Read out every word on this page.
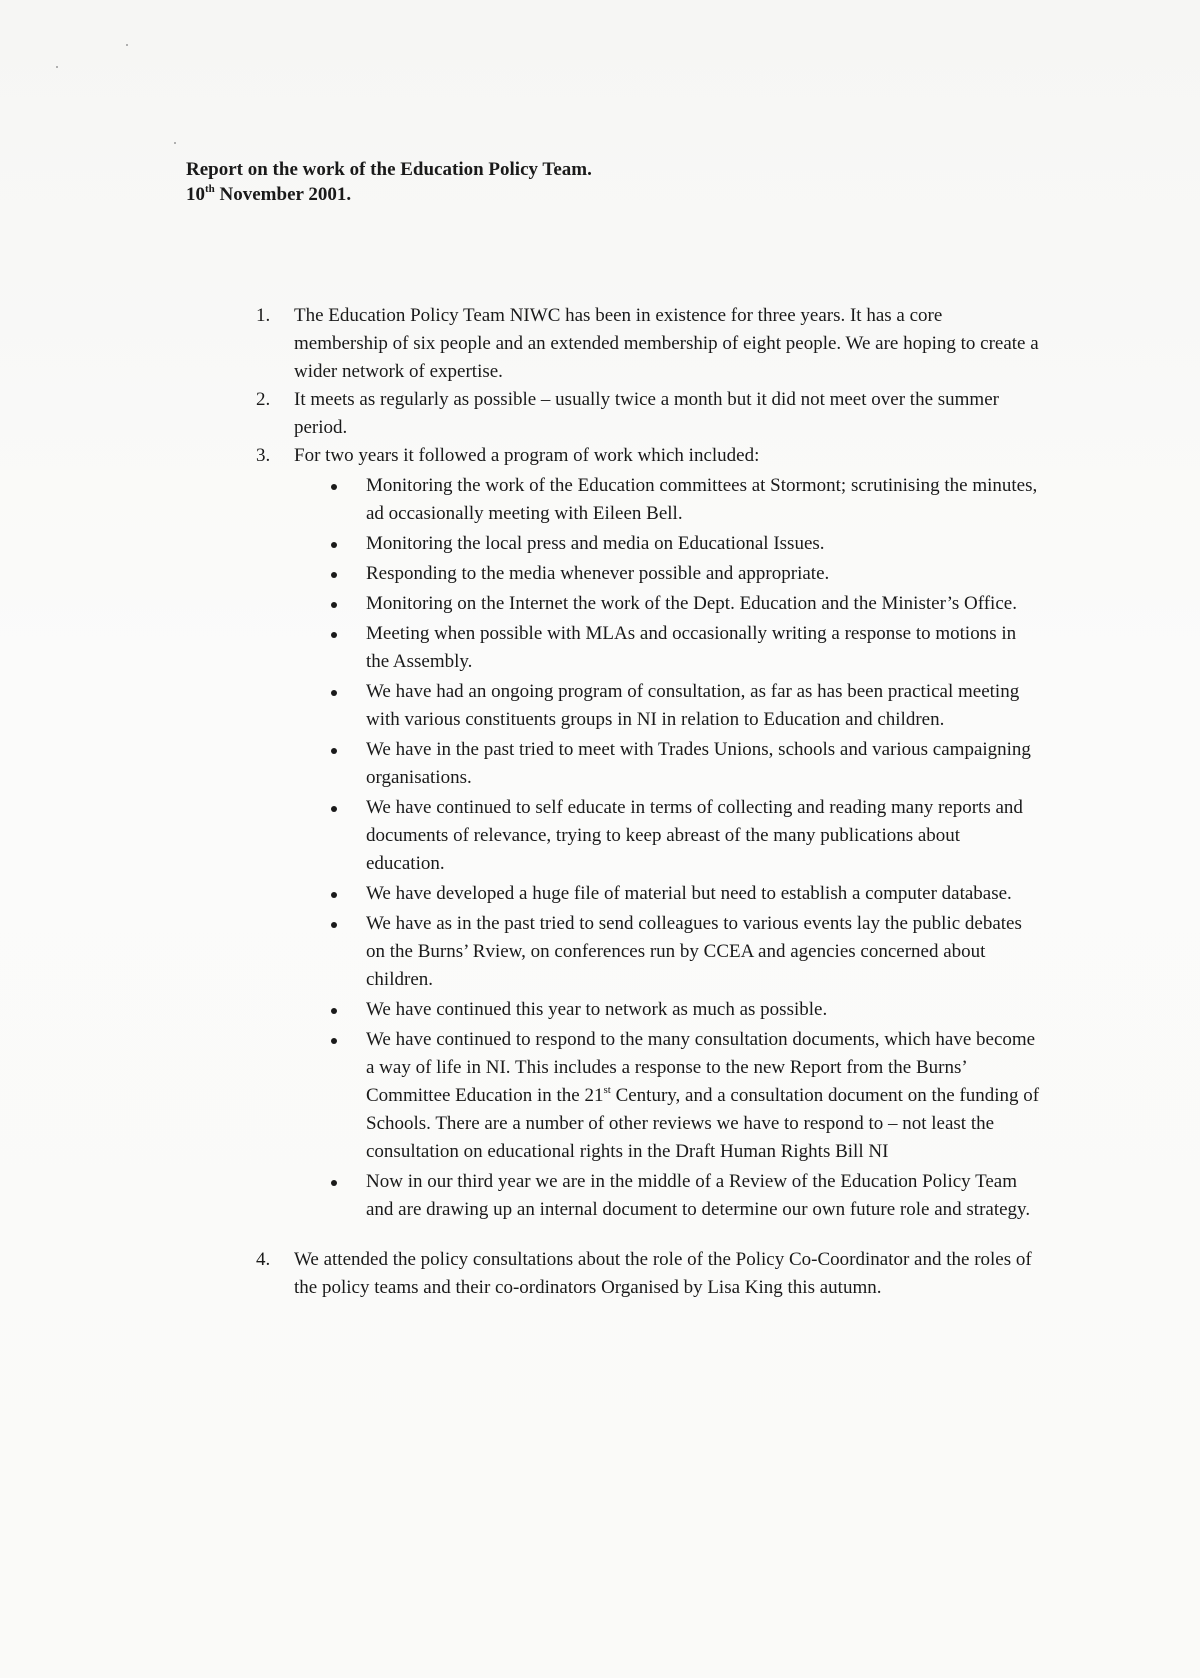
Report on the work of the Education Policy Team.
10th November 2001.
1. The Education Policy Team NIWC has been in existence for three years. It has a core membership of six people and an extended membership of eight people. We are hoping to create a wider network of expertise.
2. It meets as regularly as possible – usually twice a month but it did not meet over the summer period.
3. For two years it followed a program of work which included:
Monitoring the work of the Education committees at Stormont; scrutinising the minutes, ad occasionally meeting with Eileen Bell.
Monitoring the local press and media on Educational Issues.
Responding to the media whenever possible and appropriate.
Monitoring on the Internet the work of the Dept. Education and the Minister’s Office.
Meeting when possible with MLAs and occasionally writing a response to motions in the Assembly.
We have had an ongoing program of consultation, as far as has been practical meeting with various constituents groups in NI in relation to Education and children.
We have in the past tried to meet with Trades Unions, schools and various campaigning organisations.
We have continued to self educate in terms of collecting and reading many reports and documents of relevance, trying to keep abreast of the many publications about education.
We have developed a huge file of material but need to establish a computer database.
We have as in the past tried to send colleagues to various events lay the public debates on the Burns’ Rview, on conferences run by CCEA and agencies concerned about children.
We have continued this year to network as much as possible.
We have continued to respond to the many consultation documents, which have become a way of life in NI. This includes a response to the new Report from the Burns’ Committee Education in the 21st Century, and a consultation document on the funding of Schools. There are a number of other reviews we have to respond to – not least the consultation on educational rights in the Draft Human Rights Bill NI
Now in our third year we are in the middle of a Review of the Education Policy Team and are drawing up an internal document to determine our own future role and strategy.
4. We attended the policy consultations about the role of the Policy Co-Coordinator and the roles of the policy teams and their co-ordinators Organised by Lisa King this autumn.
